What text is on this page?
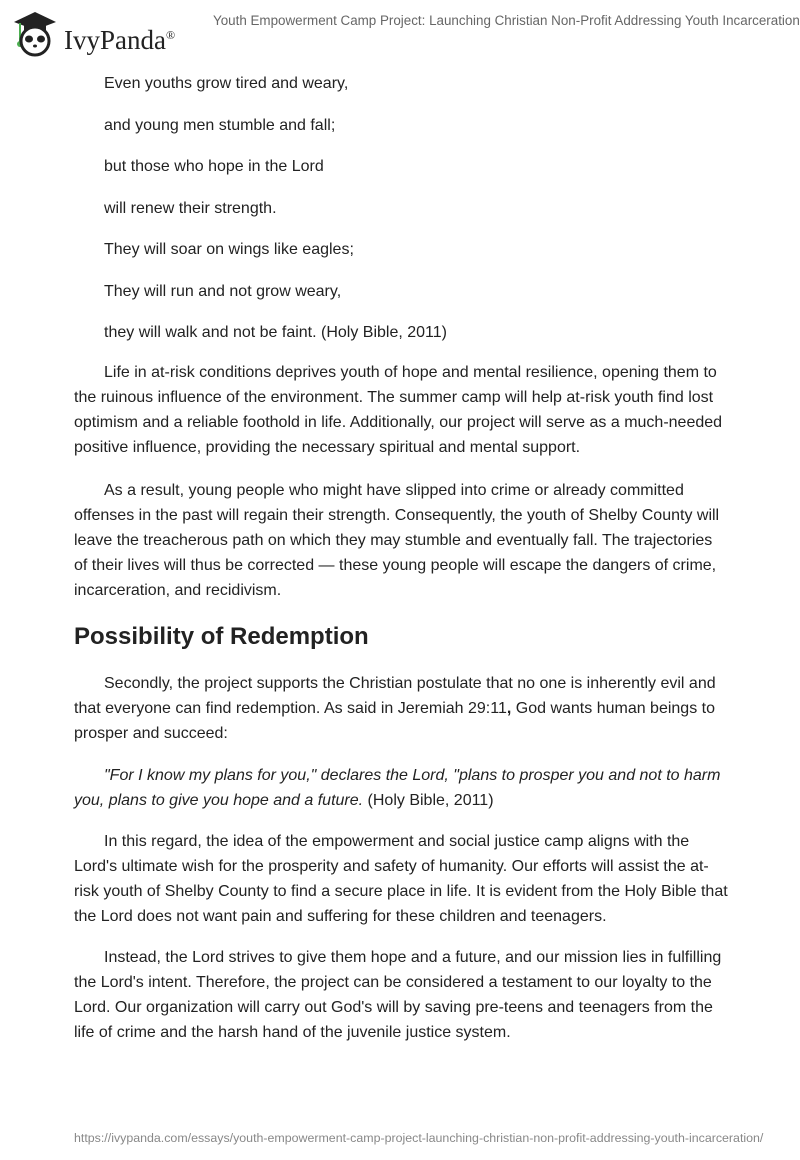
IvyPanda®
Youth Empowerment Camp Project: Launching Christian Non-Profit Addressing Youth Incarceration
Even youths grow tired and weary,
and young men stumble and fall;
but those who hope in the Lord
will renew their strength.
They will soar on wings like eagles;
They will run and not grow weary,
they will walk and not be faint. (Holy Bible, 2011)

Life in at-risk conditions deprives youth of hope and mental resilience, opening them to the ruinous influence of the environment. The summer camp will help at-risk youth find lost optimism and a reliable foothold in life. Additionally, our project will serve as a much-needed positive influence, providing the necessary spiritual and mental support.

As a result, young people who might have slipped into crime or already committed offenses in the past will regain their strength. Consequently, the youth of Shelby County will leave the treacherous path on which they may stumble and eventually fall. The trajectories of their lives will thus be corrected — these young people will escape the dangers of crime, incarceration, and recidivism.

Possibility of Redemption

Secondly, the project supports the Christian postulate that no one is inherently evil and that everyone can find redemption. As said in Jeremiah 29:11, God wants human beings to prosper and succeed:

"For I know my plans for you," declares the Lord, "plans to prosper you and not to harm you, plans to give you hope and a future. (Holy Bible, 2011)

In this regard, the idea of the empowerment and social justice camp aligns with the Lord's ultimate wish for the prosperity and safety of humanity. Our efforts will assist the at-risk youth of Shelby County to find a secure place in life. It is evident from the Holy Bible that the Lord does not want pain and suffering for these children and teenagers.

Instead, the Lord strives to give them hope and a future, and our mission lies in fulfilling the Lord's intent. Therefore, the project can be considered a testament to our loyalty to the Lord. Our organization will carry out God's will by saving pre-teens and teenagers from the life of crime and the harsh hand of the juvenile justice system.

https://ivypanda.com/essays/youth-empowerment-camp-project-launching-christian-non-profit-addressing-youth-incarceration/
